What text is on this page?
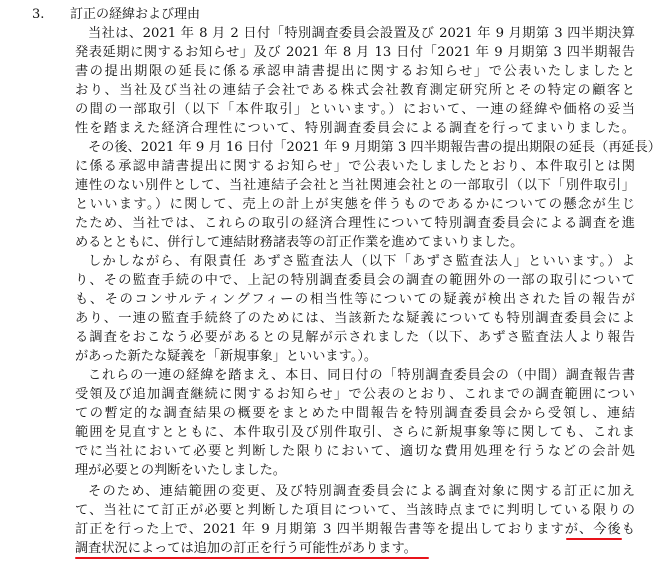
3. 訂正の経緯および理由
当社は、2021 年 8 月 2 日付「特別調査委員会設置及び 2021 年 9 月期第 3 四半期決算
発表延期に関するお知らせ」及び 2021 年 8 月 13 日付「2021 年 9 月期第 3 四半期報告
書の提出期限の延長に係る承認申請書提出に関するお知らせ」で公表いたしましたと
おり、当社及び当社の連結子会社である株式会社教育測定研究所とその特定の顧客と
の間の一部取引（以下「本件取引」といいます。）において、一連の経緯や価格の妥当
性を踏まえた経済合理性について、特別調査委員会による調査を行ってまいりました。
その後、2021 年 9 月 16 日付「2021 年 9 月期第 3 四半期報告書の提出期限の延長（再延長）
に係る承認申請書提出に関するお知らせ」で公表いたしましたとおり、本件取引とは関
連性のない別件として、当社連結子会社と当社関連会社との一部取引（以下「別件取引」
といいます。）に関して、売上の計上が実態を伴うものであるかについての懸念が生じ
たため、当社では、これらの取引の経済合理性について特別調査委員会による調査を進
めるとともに、併行して連結財務諸表等の訂正作業を進めてまいりました。
しかしながら、有限責任 あずさ監査法人（以下「あずさ監査法人」といいます。）よ
り、その監査手続の中で、上記の特別調査委員会の調査の範囲外の一部の取引について
も、そのコンサルティングフィーの相当性等についての疑義が検出された旨の報告が
あり、一連の監査手続終了のためには、当該新たな疑義についても特別調査委員会によ
る調査をおこなう必要があるとの見解が示されました（以下、あずさ監査法人より報告
があった新たな疑義を「新規事象」といいます。）。
これらの一連の経緯を踏まえ、本日、同日付の「特別調査委員会の（中間）調査報告書
受領及び追加調査継続に関するお知らせ」で公表のとおり、これまでの調査範囲につい
ての暫定的な調査結果の概要をまとめた中間報告を特別調査委員会から受領し、連結
範囲を見直すとともに、本件取引及び別件取引、さらに新規事象等に関しても、これま
でに当社において必要と判断した限りにおいて、適切な費用処理を行うなどの会計処
理が必要との判断をいたしました。
そのため、連結範囲の変更、及び特別調査委員会による調査対象に関する訂正に加え
て、当社にて訂正が必要と判断した項目について、当該時点までに判明している限りの
訂正を行った上で、2021 年 9 月期第 3 四半期報告書等を提出しておりますが、今後も
調査状況によっては追加の訂正を行う可能性があります。
